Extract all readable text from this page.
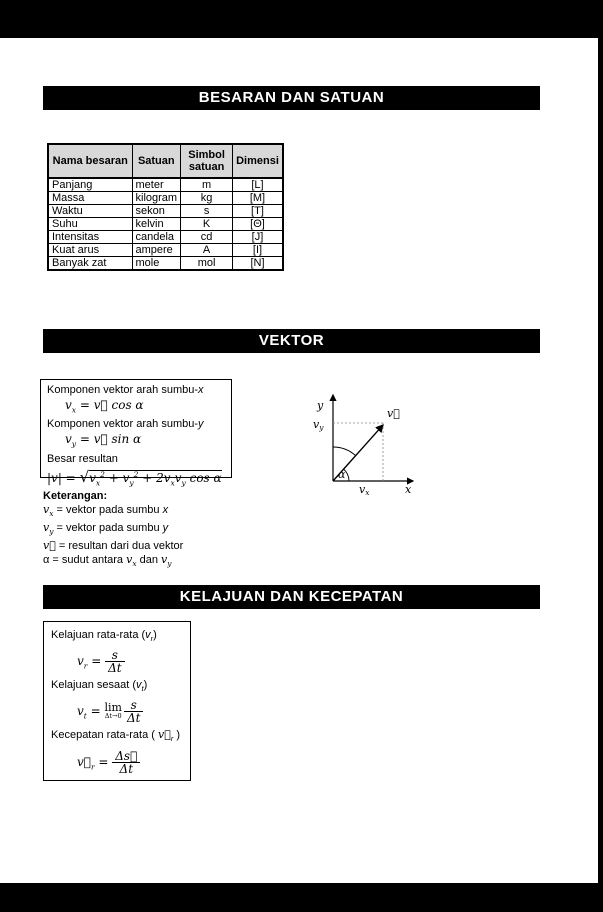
BESARAN DAN SATUAN
Nama besaran	Satuan	Simbol satuan	Dimensi
Panjang	meter	m	[L]
Massa	kilogram	kg	[M]
Waktu	sekon	s	[T]
Suhu	kelvin	K	[Θ]
Intensitas	candela	cd	[J]
Kuat arus	ampere	A	[I]
Banyak zat	mole	mol	[N]
VEKTOR
Komponen vektor arah sumbu-x
$v_x$ = v⃗ cos α
Komponen vektor arah sumbu-y
$v_y$ = v⃗ sin α
Besar resultan
$|v| = √v_x^2 + v_y^2 + 2v_xv_y$ cos α
y
x
v⃗
vy
vx
α
Keterangan:
$v_x$ = vektor pada sumbu x
$v_y$ = vektor pada sumbu y
v⃗ = resultan dari dua vektor
α = sudut antara $v_x$ dan $v_y$
KELAJUAN DAN KECEPATAN
Kelajuan rata-rata $(v_r)$
$v_r = \frac{s}{\Delta t}$
Kelajuan sesaat $(v_t)$
$v_t = \lim$
$\Delta t\to 0 \frac{s}{\Delta t}$
Kecepatan rata-rata ( $v⃗_r$ )
$v⃗_r = \frac{\Delta s⃗}{\Delta t}$
